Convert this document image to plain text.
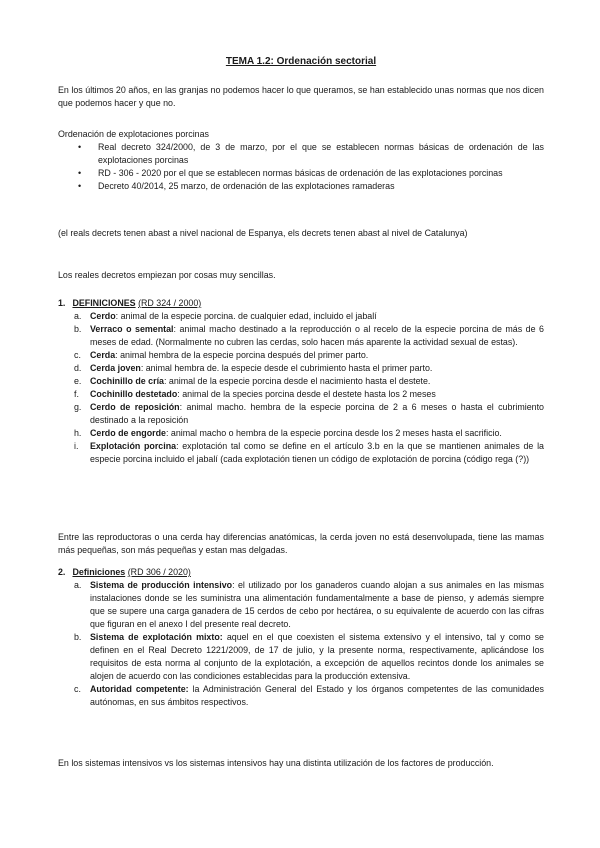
TEMA 1.2: Ordenación sectorial

En los últimos 20 años, en las granjas no podemos hacer lo que queramos, se han establecido unas normas que nos dicen que podemos hacer y que no.

Ordenación de explotaciones porcinas

• Real decreto 324/2000, de 3 de marzo, por el que se establecen normas básicas de ordenación de las explotaciones porcinas
• RD - 306 - 2020 por el que se establecen normas básicas de ordenación de las explotaciones porcinas
• Decreto 40/2014, 25 marzo, de ordenación de las explotaciones ramaderas

(el reals decrets tenen abast a nivel nacional de Espanya, els decrets tenen abast al nivel de Catalunya)

Los reales decretos empiezan por cosas muy sencillas.

1. DEFINICIONES (RD 324 / 2000)

a. Cerdo: animal de la especie porcina. de cualquier edad, incluido el jabalí
b. Verraco o semental: animal macho destinado a la reproducción o al recelo de la especie porcina de más de 6 meses de edad. (Normalmente no cubren las cerdas, solo hacen más aparente la actividad sexual de estas).
c. Cerda: animal hembra de la especie porcina después del primer parto.
d. Cerda joven: animal hembra de. la especie desde el cubrimiento hasta el primer parto.
e. Cochinillo de cría: animal de la especie porcina desde el nacimiento hasta el destete.
f. Cochinillo destetado: animal de la species porcina desde el destete hasta los 2 meses
g. Cerdo de reposición: animal macho. hembra de la especie porcina de 2 a 6 meses o hasta el cubrimiento destinado a la reposición
h. Cerdo de engorde: animal macho o hembra de la especie porcina desde los 2 meses hasta el sacrificio.
i. Explotación porcina: explotación tal como se define en el artículo 3.b en la que se mantienen animales de la especie porcina incluido el jabalí (cada explotación tienen un código de explotación de porcina (código rega (?))

Entre las reproductoras o una cerda hay diferencias anatómicas, la cerda joven no está desenvolupada, tiene las mamas más pequeñas, son más pequeñas y estan mas delgadas.

2. Definiciones (RD 306 / 2020)

a. Sistema de producción intensivo: el utilizado por los ganaderos cuando alojan a sus animales en las mismas instalaciones donde se les suministra una alimentación fundamentalmente a base de pienso, y además siempre que se supere una carga ganadera de 15 cerdos de cebo por hectárea, o su equivalente de acuerdo con las cifras que figuran en el anexo I del presente real decreto.
b. Sistema de explotación mixto: aquel en el que coexisten el sistema extensivo y el intensivo, tal y como se definen en el Real Decreto 1221/2009, de 17 de julio, y la presente norma, respectivamente, aplicándose los requisitos de esta norma al conjunto de la explotación, a excepción de aquellos recintos donde los animales se alojen de acuerdo con las condiciones establecidas para la producción extensiva.
c. Autoridad competente: la Administración General del Estado y los órganos competentes de las comunidades autónomas, en sus ámbitos respectivos.

En los sistemas intensivos vs los sistemas intensivos hay una distinta utilización de los factores de producción.
